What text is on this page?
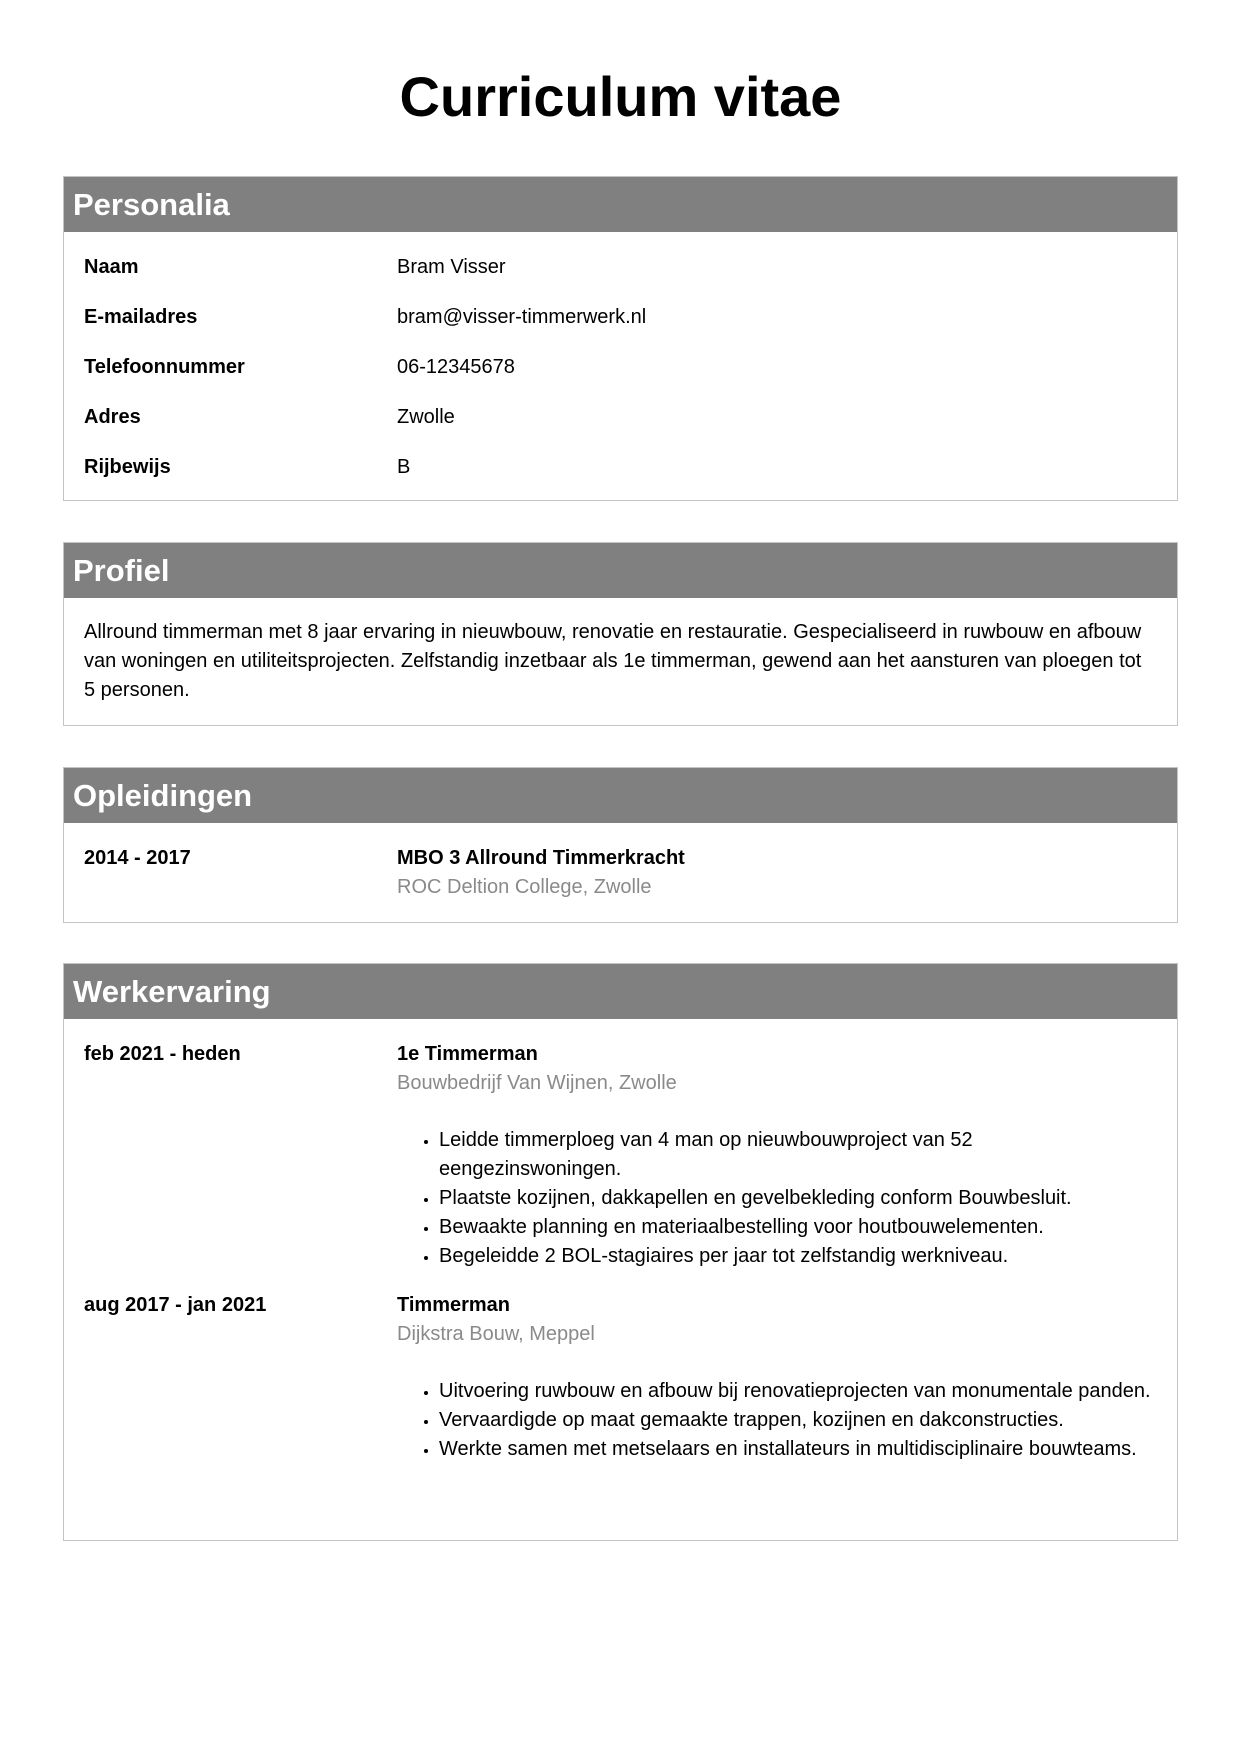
Curriculum vitae
Personalia
Naam	Bram Visser
E-mailadres	bram@visser-timmerwerk.nl
Telefoonnummer	06-12345678
Adres	Zwolle
Rijbewijs	B
Profiel

Allround timmerman met 8 jaar ervaring in nieuwbouw, renovatie en restauratie. Gespecialiseerd in ruwbouw en afbouw van woningen en utiliteitsprojecten. Zelfstandig inzetbaar als 1e timmerman, gewend aan het aansturen van ploegen tot 5 personen.

Opleidingen
2014 - 2017	MBO 3 Allround Timmerkracht
ROC Deltion College, Zwolle
Werkervaring
feb 2021 - heden	1e Timmerman
Bouwbedrijf Van Wijnen, Zwolle
• Leidde timmerploeg van 4 man op nieuwbouwproject van 52 eengezinswoningen.
• Plaatste kozijnen, dakkapellen en gevelbekleding conform Bouwbesluit.
• Bewaakte planning en materiaalbestelling voor houtbouwelementen.
• Begeleidde 2 BOL-stagiaires per jaar tot zelfstandig werkniveau.
aug 2017 - jan 2021	Timmerman
Dijkstra Bouw, Meppel
• Uitvoering ruwbouw en afbouw bij renovatieprojecten van monumentale panden.
• Vervaardigde op maat gemaakte trappen, kozijnen en dakconstructies.
• Werkte samen met metselaars en installateurs in multidisciplinaire bouwteams.
